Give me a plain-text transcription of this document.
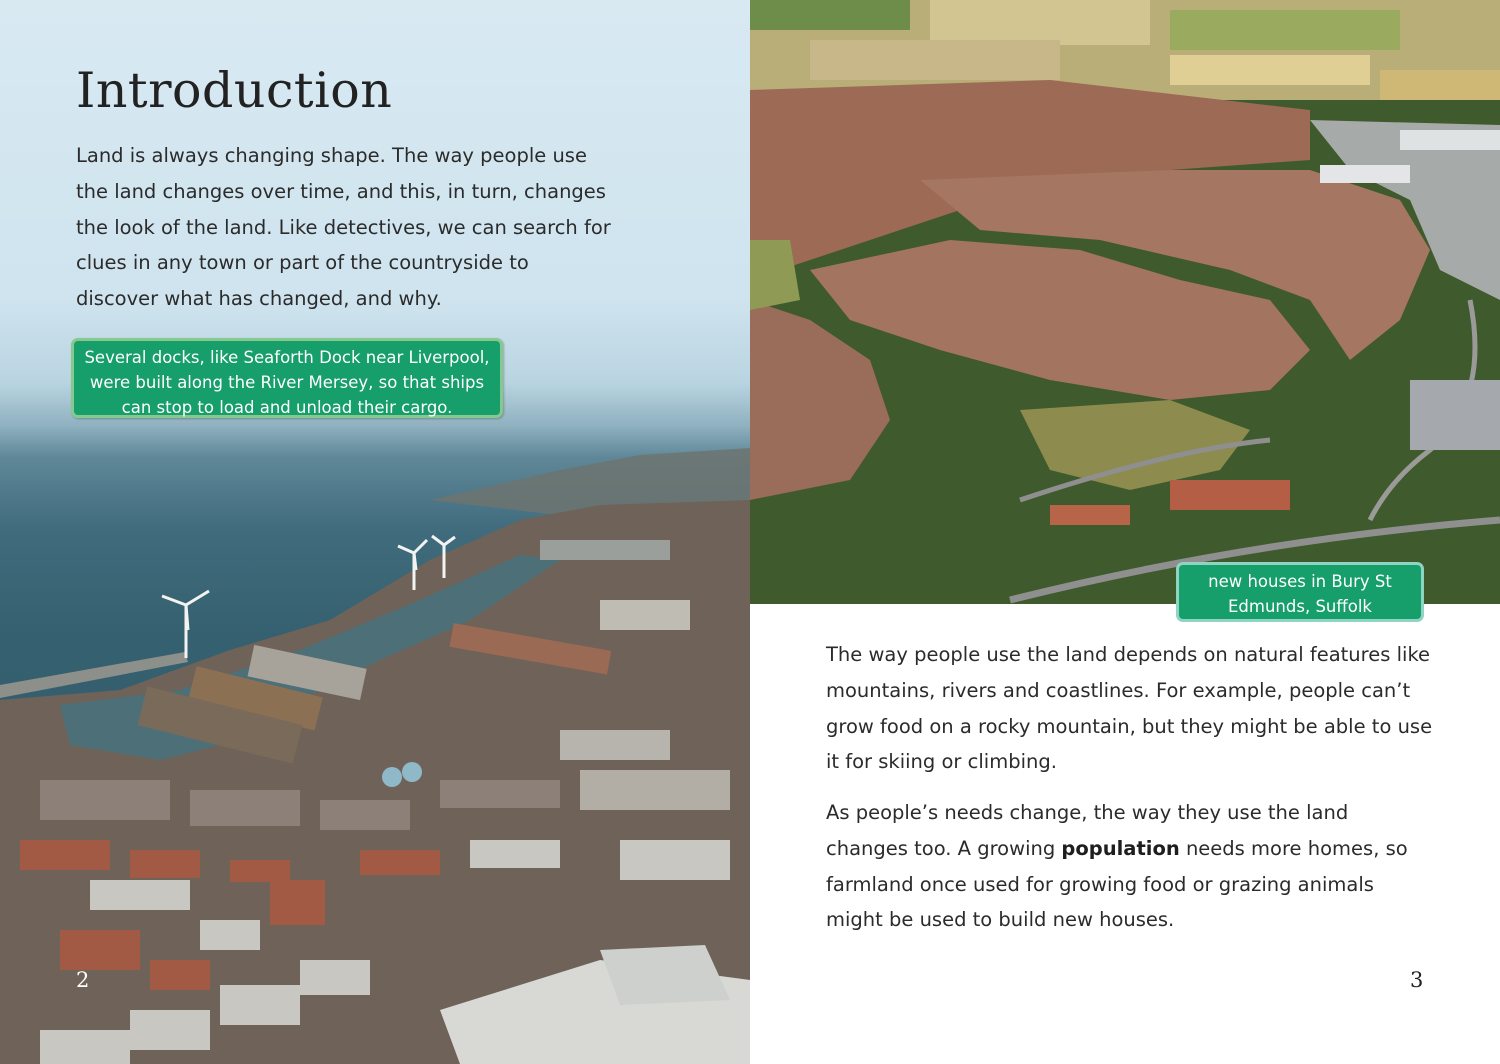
Introduction

Land is always changing shape. The way people use the land changes over time, and this, in turn, changes the look of the land. Like detectives, we can search for clues in any town or part of the countryside to discover what has changed, and why.

Several docks, like Seaforth Dock near Liverpool, were built along the River Mersey, so that ships can stop to load and unload their cargo.
2
new houses in Bury St Edmunds, Suffolk

The way people use the land depends on natural features like mountains, rivers and coastlines. For example, people can’t grow food on a rocky mountain, but they might be able to use it for skiing or climbing.

As people’s needs change, the way they use the land changes too. A growing population needs more homes, so farmland once used for growing food or grazing animals might be used to build new houses.

3
